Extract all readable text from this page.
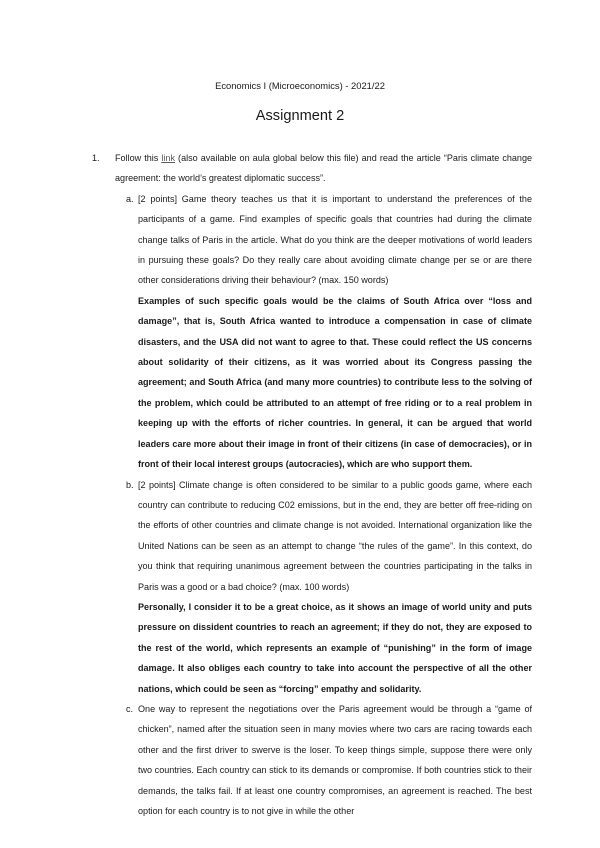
Economics I (Microeconomics) - 2021/22
Assignment 2
1. Follow this link (also available on aula global below this file) and read the article “Paris climate change agreement: the world’s greatest diplomatic success”.

a. [2 points] Game theory teaches us that it is important to understand the preferences of the participants of a game. Find examples of specific goals that countries had during the climate change talks of Paris in the article. What do you think are the deeper motivations of world leaders in pursuing these goals? Do they really care about avoiding climate change per se or are there other considerations driving their behaviour? (max. 150 words)

Examples of such specific goals would be the claims of South Africa over “loss and damage”, that is, South Africa wanted to introduce a compensation in case of climate disasters, and the USA did not want to agree to that. These could reflect the US concerns about solidarity of their citizens, as it was worried about its Congress passing the agreement; and South Africa (and many more countries) to contribute less to the solving of the problem, which could be attributed to an attempt of free riding or to a real problem in keeping up with the efforts of richer countries. In general, it can be argued that world leaders care more about their image in front of their citizens (in case of democracies), or in front of their local interest groups (autocracies), which are who support them.

b. [2 points] Climate change is often considered to be similar to a public goods game, where each country can contribute to reducing C02 emissions, but in the end, they are better off free-riding on the efforts of other countries and climate change is not avoided. International organization like the United Nations can be seen as an attempt to change “the rules of the game”. In this context, do you think that requiring unanimous agreement between the countries participating in the talks in Paris was a good or a bad choice? (max. 100 words)

Personally, I consider it to be a great choice, as it shows an image of world unity and puts pressure on dissident countries to reach an agreement; if they do not, they are exposed to the rest of the world, which represents an example of “punishing” in the form of image damage. It also obliges each country to take into account the perspective of all the other nations, which could be seen as “forcing” empathy and solidarity.

c. One way to represent the negotiations over the Paris agreement would be through a “game of chicken”, named after the situation seen in many movies where two cars are racing towards each other and the first driver to swerve is the loser. To keep things simple, suppose there were only two countries. Each country can stick to its demands or compromise. If both countries stick to their demands, the talks fail. If at least one country compromises, an agreement is reached. The best option for each country is to not give in while the other
